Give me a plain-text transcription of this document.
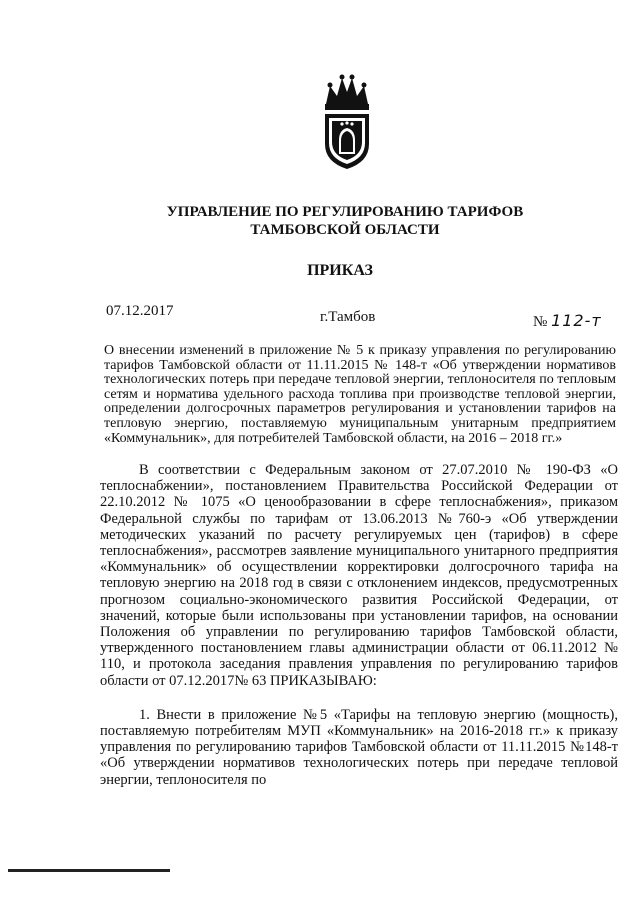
УПРАВЛЕНИЕ ПО РЕГУЛИРОВАНИЮ ТАРИФОВ
ТАМБОВСКОЙ ОБЛАСТИ
ПРИКАЗ
07.12.2017	г.Тамбов	№ 112-т

О внесении изменений в приложение № 5 к приказу управления по регулированию тарифов Тамбовской области от 11.11.2015 № 148-т «Об утверждении нормативов технологических потерь при передаче тепловой энергии, теплоносителя по тепловым сетям и норматива удельного расхода топлива при производстве тепловой энергии, определении долгосрочных параметров регулирования и установлении тарифов на тепловую энергию, поставляемую муниципальным унитарным предприятием «Коммунальник», для потребителей Тамбовской области, на 2016 – 2018 гг.»

В соответствии с Федеральным законом от 27.07.2010 № 190-ФЗ «О теплоснабжении», постановлением Правительства Российской Федерации от 22.10.2012 № 1075 «О ценообразовании в сфере теплоснабжения», приказом Федеральной службы по тарифам от 13.06.2013 №760-э «Об утверждении методических указаний по расчету регулируемых цен (тарифов) в сфере теплоснабжения», рассмотрев заявление муниципального унитарного предприятия «Коммунальник» об осуществлении корректировки долгосрочного тарифа на тепловую энергию на 2018 год в связи с отклонением индексов, предусмотренных прогнозом социально-экономического развития Российской Федерации, от значений, которые были использованы при установлении тарифов, на основании Положения об управлении по регулированию тарифов Тамбовской области, утвержденного постановлением главы администрации области от 06.11.2012 № 110, и протокола заседания правления управления по регулированию тарифов области от 07.12.2017№ 63 ПРИКАЗЫВАЮ:

1. Внести в приложение №5 «Тарифы на тепловую энергию (мощность), поставляемую потребителям МУП «Коммунальник» на 2016-2018 гг.» к приказу управления по регулированию тарифов Тамбовской области от 11.11.2015 №148-т «Об утверждении нормативов технологических потерь при передаче тепловой энергии, теплоносителя по
